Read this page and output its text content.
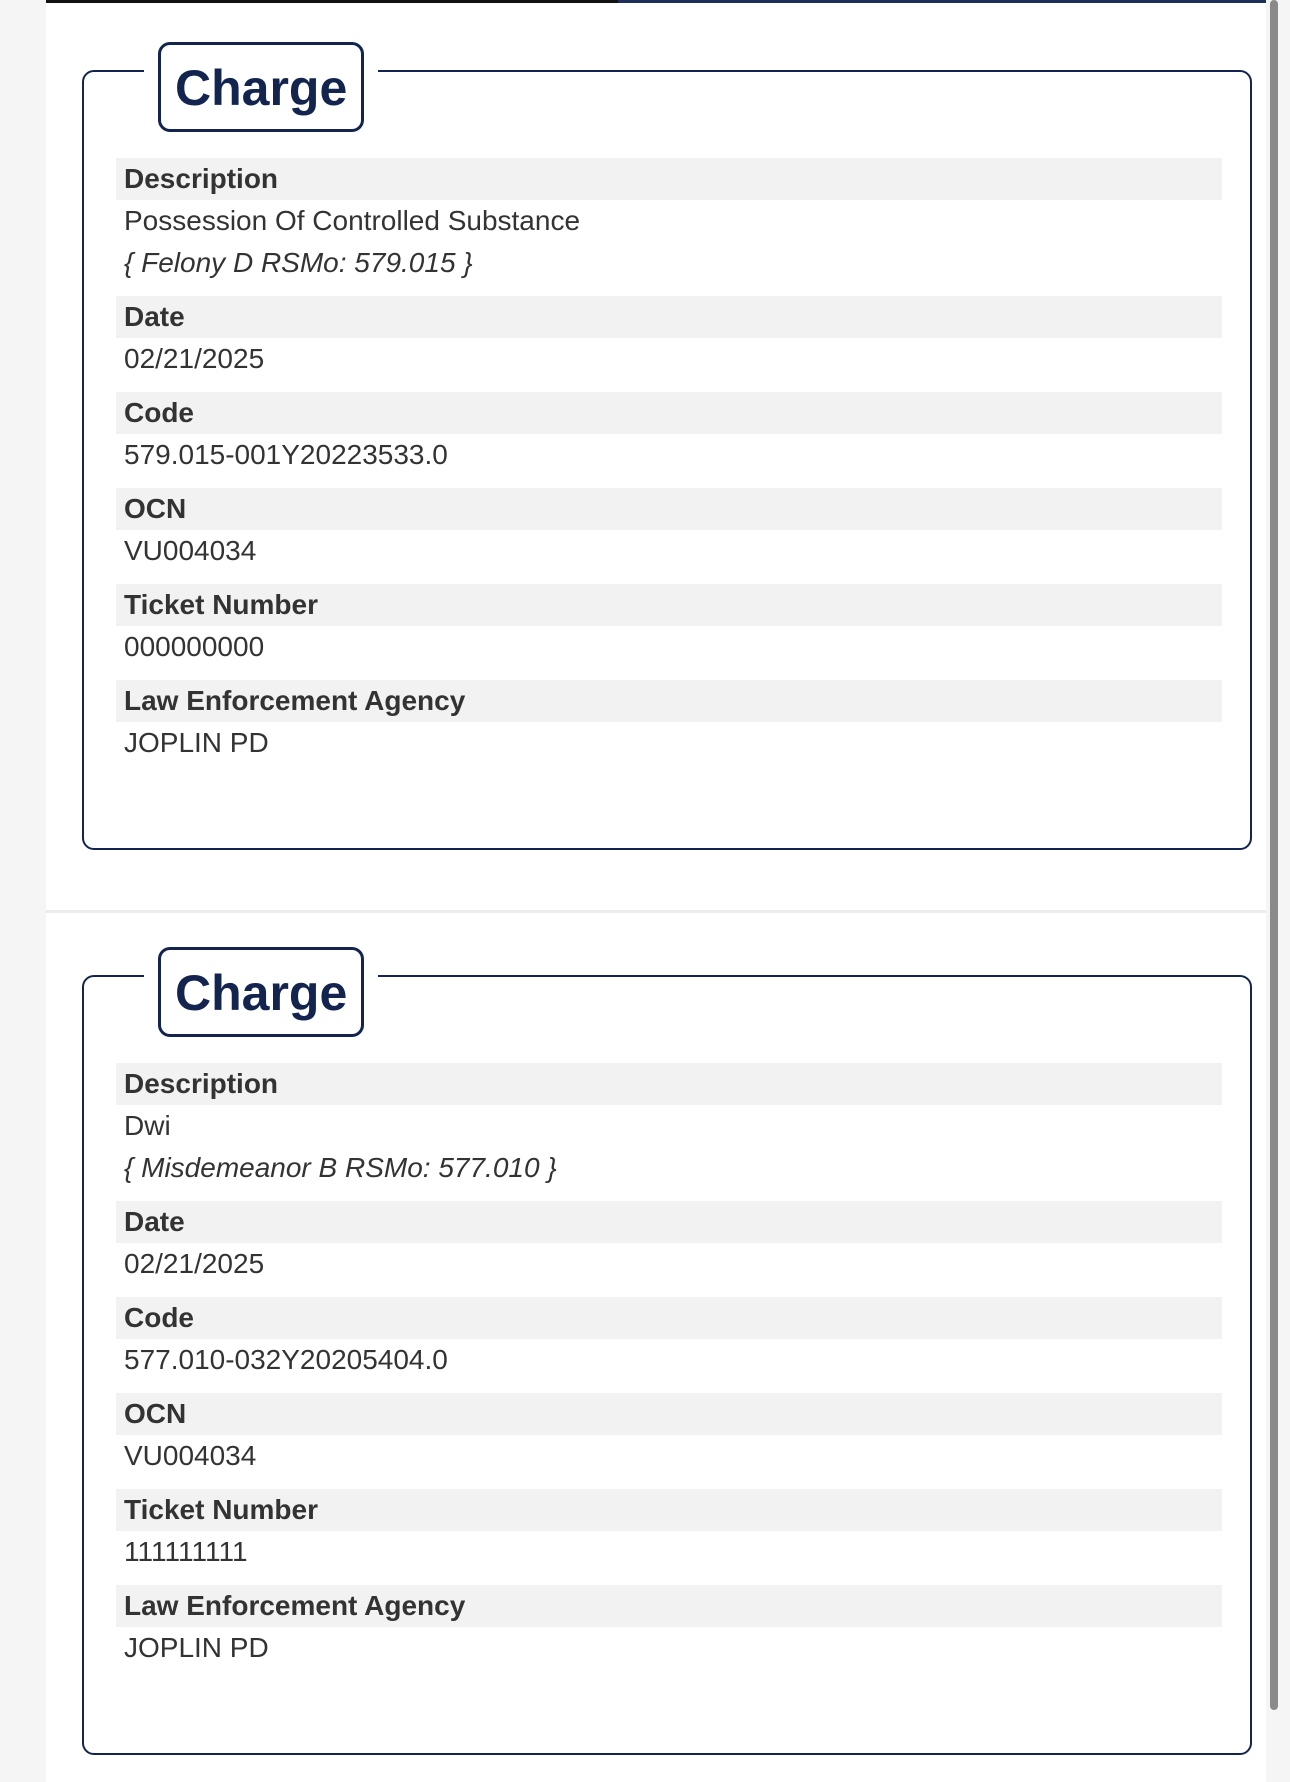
Charge
Description
Possession Of Controlled Substance
{ Felony D RSMo: 579.015 }
Date
02/21/2025
Code
579.015-001Y20223533.0
OCN
VU004034
Ticket Number
000000000
Law Enforcement Agency
JOPLIN PD
Charge
Description
Dwi
{ Misdemeanor B RSMo: 577.010 }
Date
02/21/2025
Code
577.010-032Y20205404.0
OCN
VU004034
Ticket Number
111111111
Law Enforcement Agency
JOPLIN PD
